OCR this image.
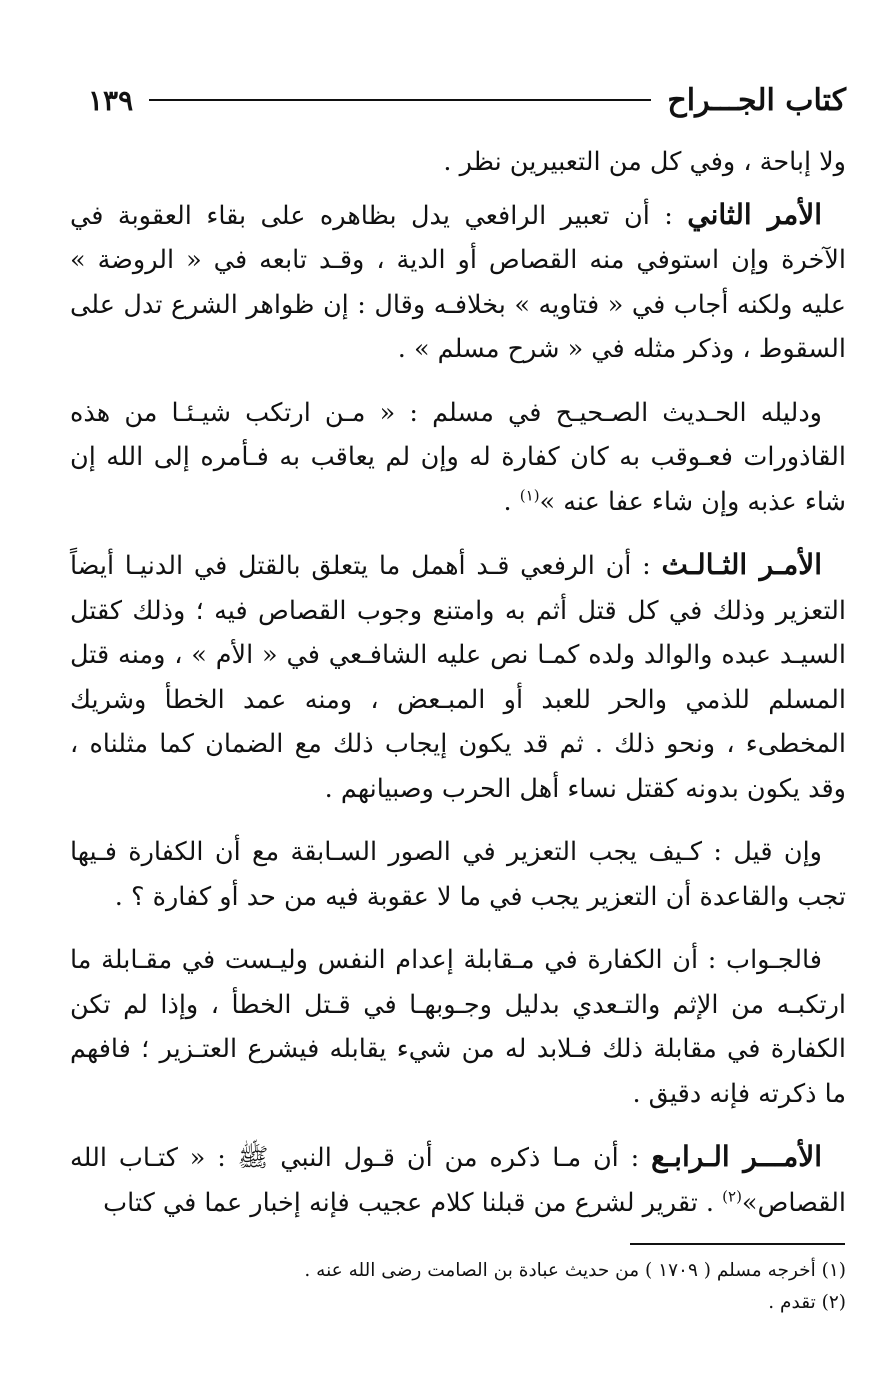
كتاب الجـــراح
١٣٩

ولا إباحة ، وفي كل من التعبيرين نظر .

الأمر الثاني : أن تعبير الرافعي يدل بظاهره على بقاء العقوبة في الآخرة وإن استوفي منه القصاص أو الدية ، وقـد تابعه في « الروضة » عليه ولكنه أجاب في « فتاويه » بخلافـه وقال : إن ظواهر الشرع تدل على السقوط ، وذكر مثله في « شرح مسلم » .

ودليله الحـديث الصـحيـح في مسلم : « مـن ارتكب شيـئـا من هذه القاذورات فعـوقب به كان كفارة له وإن لم يعاقب به فـأمره إلى الله إن شاء عذبه وإن شاء عفا عنه »$^{(١)}$ .

الأمـر الثـالـث : أن الرفعي قـد أهمل ما يتعلق بالقتل في الدنيـا أيضاً التعزير وذلك في كل قتل أثم به وامتنع وجوب القصاص فيه ؛ وذلك كقتل السيـد عبده والوالد ولده كمـا نص عليه الشافـعي في « الأم » ، ومنه قتل المسلم للذمي والحر للعبد أو المبـعض ، ومنه عمد الخطأ وشريك المخطىء ، ونحو ذلك . ثم قد يكون إيجاب ذلك مع الضمان كما مثلناه ، وقد يكون بدونه كقتل نساء أهل الحرب وصبيانهم .

وإن قيل : كـيف يجب التعزير في الصور السـابقة مع أن الكفارة فـيها تجب والقاعدة أن التعزير يجب في ما لا عقوبة فيه من حد أو كفارة ؟ .

فالجـواب : أن الكفارة في مـقابلة إعدام النفس وليـست في مقـابلة ما ارتكبـه من الإثم والتـعدي بدليل وجـوبهـا في قـتل الخطأ ، وإذا لم تكن الكفارة في مقابلة ذلك فـلابد له من شيء يقابله فيشرع العتـزير ؛ فافهم ما ذكرته فإنه دقيق .

الأمـــر الـرابـع : أن مـا ذكره من أن قـول النبي ﷺ : « كتـاب الله القصاص»$^{(٢)}$ . تقرير لشرع من قبلنا كلام عجيب فإنه إخبار عما في كتاب

(١) أخرجه مسلم ( ١٧٠٩ ) من حديث عبادة بن الصامت رضى الله عنه .
(٢) تقدم .
